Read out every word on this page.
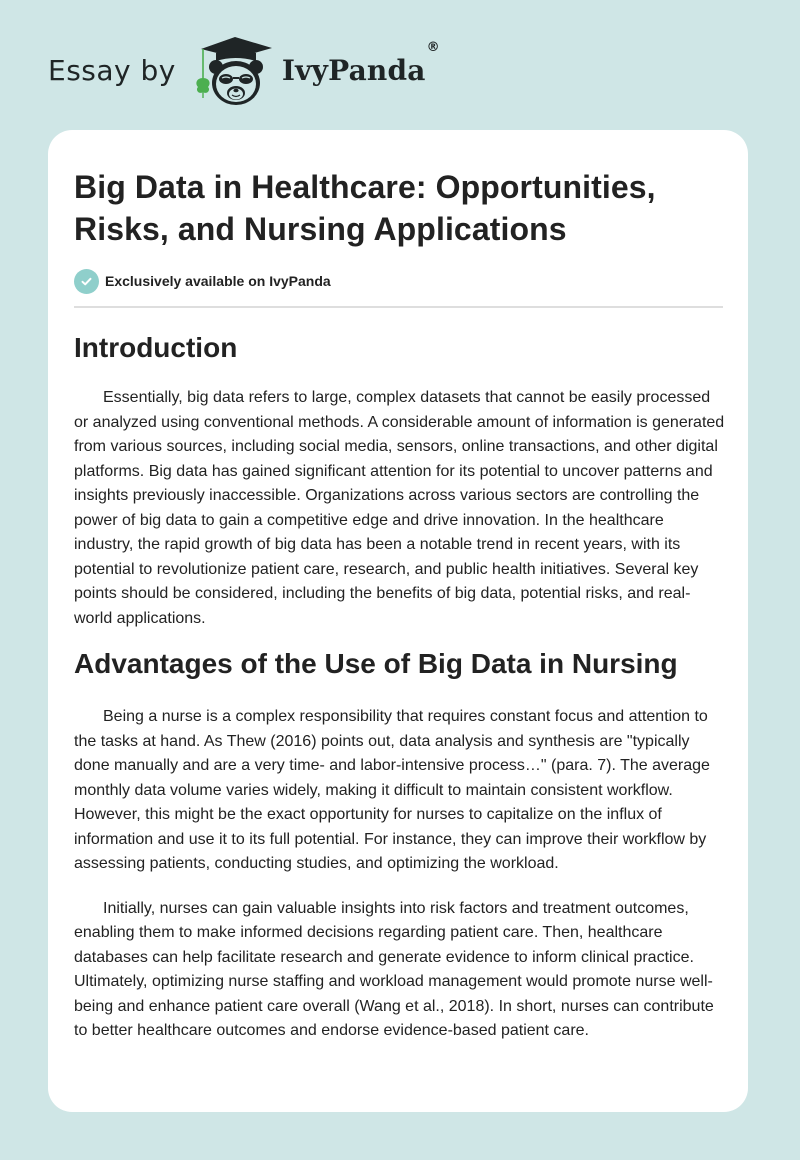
Essay by	IvyPanda®
Big Data in Healthcare: Opportunities, Risks, and Nursing Applications
Exclusively available on IvyPanda
Introduction

Essentially, big data refers to large, complex datasets that cannot be easily processed or analyzed using conventional methods. A considerable amount of information is generated from various sources, including social media, sensors, online transactions, and other digital platforms. Big data has gained significant attention for its potential to uncover patterns and insights previously inaccessible. Organizations across various sectors are controlling the power of big data to gain a competitive edge and drive innovation. In the healthcare industry, the rapid growth of big data has been a notable trend in recent years, with its potential to revolutionize patient care, research, and public health initiatives. Several key points should be considered, including the benefits of big data, potential risks, and real-world applications.

Advantages of the Use of Big Data in Nursing

Being a nurse is a complex responsibility that requires constant focus and attention to the tasks at hand. As Thew (2016) points out, data analysis and synthesis are "typically done manually and are a very time- and labor-intensive process…" (para. 7). The average monthly data volume varies widely, making it difficult to maintain consistent workflow. However, this might be the exact opportunity for nurses to capitalize on the influx of information and use it to its full potential. For instance, they can improve their workflow by assessing patients, conducting studies, and optimizing the workload.

Initially, nurses can gain valuable insights into risk factors and treatment outcomes, enabling them to make informed decisions regarding patient care. Then, healthcare databases can help facilitate research and generate evidence to inform clinical practice. Ultimately, optimizing nurse staffing and workload management would promote nurse well-being and enhance patient care overall (Wang et al., 2018). In short, nurses can contribute to better healthcare outcomes and endorse evidence-based patient care.
